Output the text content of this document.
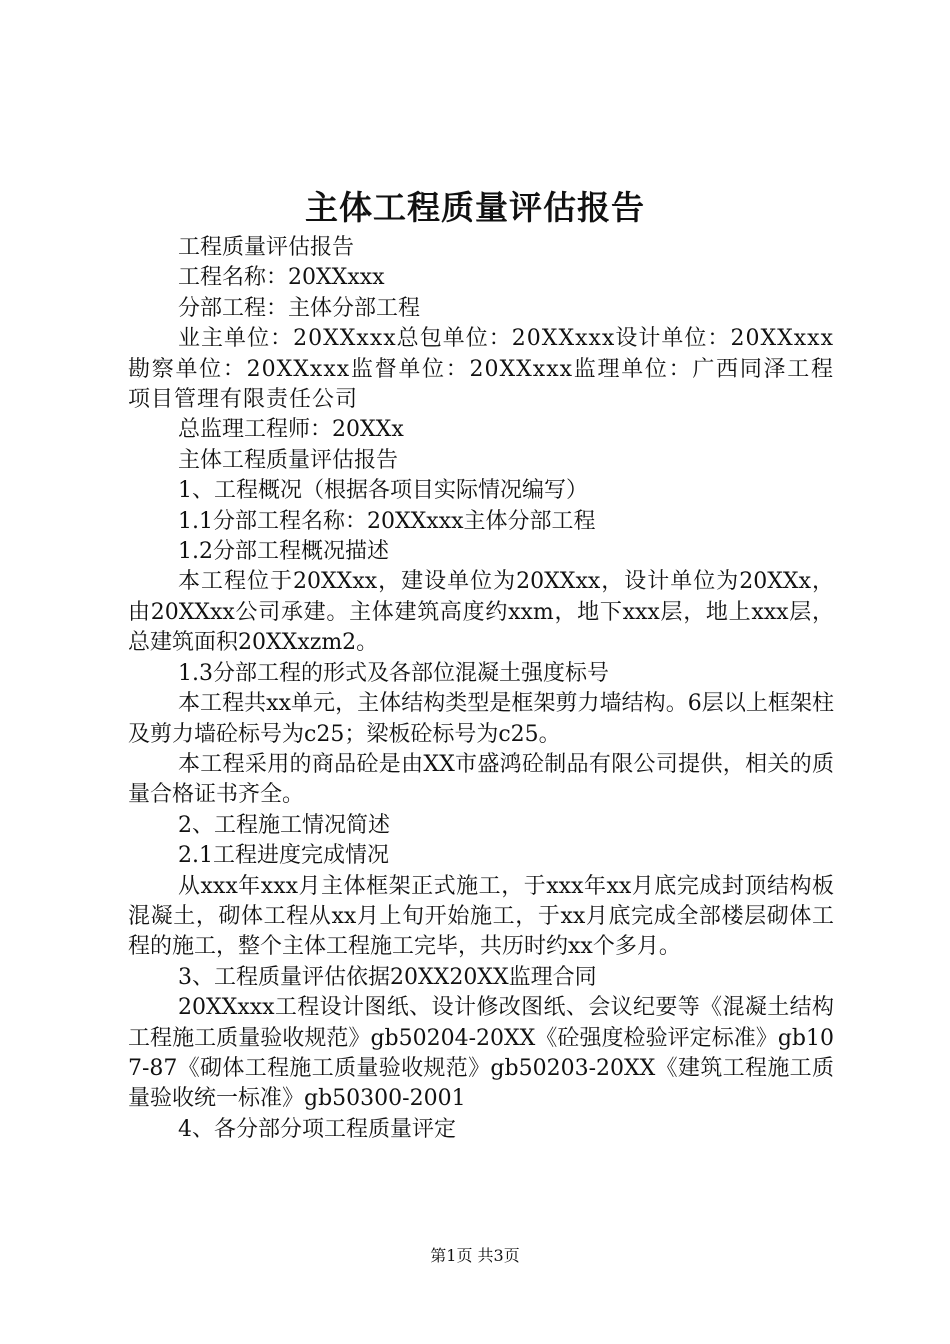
主体工程质量评估报告

工程质量评估报告

工程名称：20XXxxx

分部工程：主体分部工程

业主单位：20XXxxx总包单位：20XXxxx设计单位：20XXxxx勘察单位：20XXxxx监督单位：20XXxxx监理单位：广西同泽工程项目管理有限责任公司

总监理工程师：20XXx

主体工程质量评估报告

1、工程概况（根据各项目实际情况编写）

1.1分部工程名称：20XXxxx主体分部工程

1.2分部工程概况描述

本工程位于20XXxx，建设单位为20XXxx，设计单位为20XXx，由20XXxx公司承建。主体建筑高度约xxm，地下xxx层，地上xxx层，总建筑面积20XXxzm2。

1.3分部工程的形式及各部位混凝土强度标号

本工程共xx单元，主体结构类型是框架剪力墙结构。6层以上框架柱及剪力墙砼标号为c25；梁板砼标号为c25。

本工程采用的商品砼是由XX市盛鸿砼制品有限公司提供，相关的质量合格证书齐全。

2、工程施工情况简述

2.1工程进度完成情况

从xxx年xxx月主体框架正式施工，于xxx年xx月底完成封顶结构板混凝土，砌体工程从xx月上旬开始施工，于xx月底完成全部楼层砌体工程的施工，整个主体工程施工完毕，共历时约xx个多月。

3、工程质量评估依据20XX20XX监理合同

20XXxxx工程设计图纸、设计修改图纸、会议纪要等《混凝土结构工程施工质量验收规范》gb50204-20XX《砼强度检验评定标准》gb107-87《砌体工程施工质量验收规范》gb50203-20XX《建筑工程施工质量验收统一标准》gb50300-2001

4、各分部分项工程质量评定

第1页 共3页
